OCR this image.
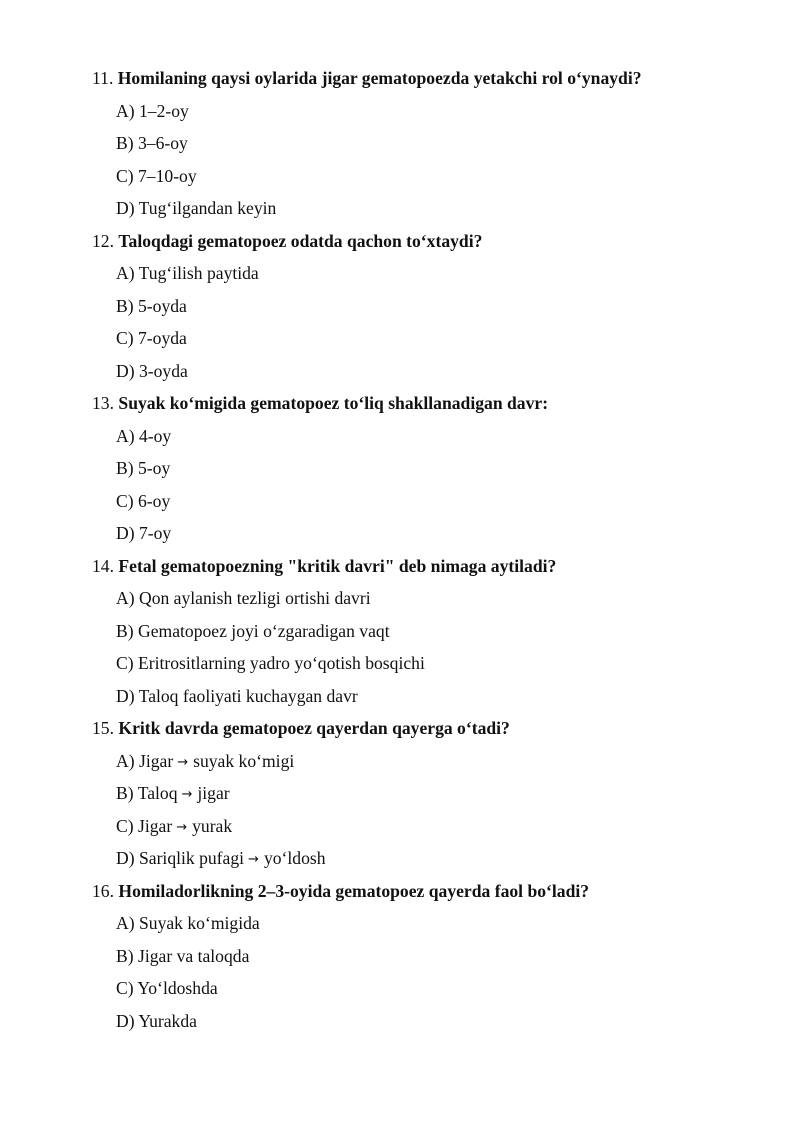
11. Homilaning qaysi oylarida jigar gematopoezda yetakchi rol o‘ynaydi?
A) 1–2-oy
B) 3–6-oy
C) 7–10-oy
D) Tug‘ilgandan keyin
12. Taloqdagi gematopoez odatda qachon to‘xtaydi?
A) Tug‘ilish paytida
B) 5-oyda
C) 7-oyda
D) 3-oyda
13. Suyak ko‘migida gematopoez to‘liq shakllanadigan davr:
A) 4-oy
B) 5-oy
C) 6-oy
D) 7-oy
14. Fetal gematopoezning "kritik davri" deb nimaga aytiladi?
A) Qon aylanish tezligi ortishi davri
B) Gematopoez joyi o‘zgaradigan vaqt
C) Eritrositlarning yadro yo‘qotish bosqichi
D) Taloq faoliyati kuchaygan davr
15. Kritk davrda gematopoez qayerdan qayerga o‘tadi?
A) Jigar → suyak ko‘migi
B) Taloq → jigar
C) Jigar → yurak
D) Sariqlik pufagi → yo‘ldosh
16. Homiladorlikning 2–3-oyida gematopoez qayerda faol bo‘ladi?
A) Suyak ko‘migida
B) Jigar va taloqda
C) Yo‘ldoshda
D) Yurakda
